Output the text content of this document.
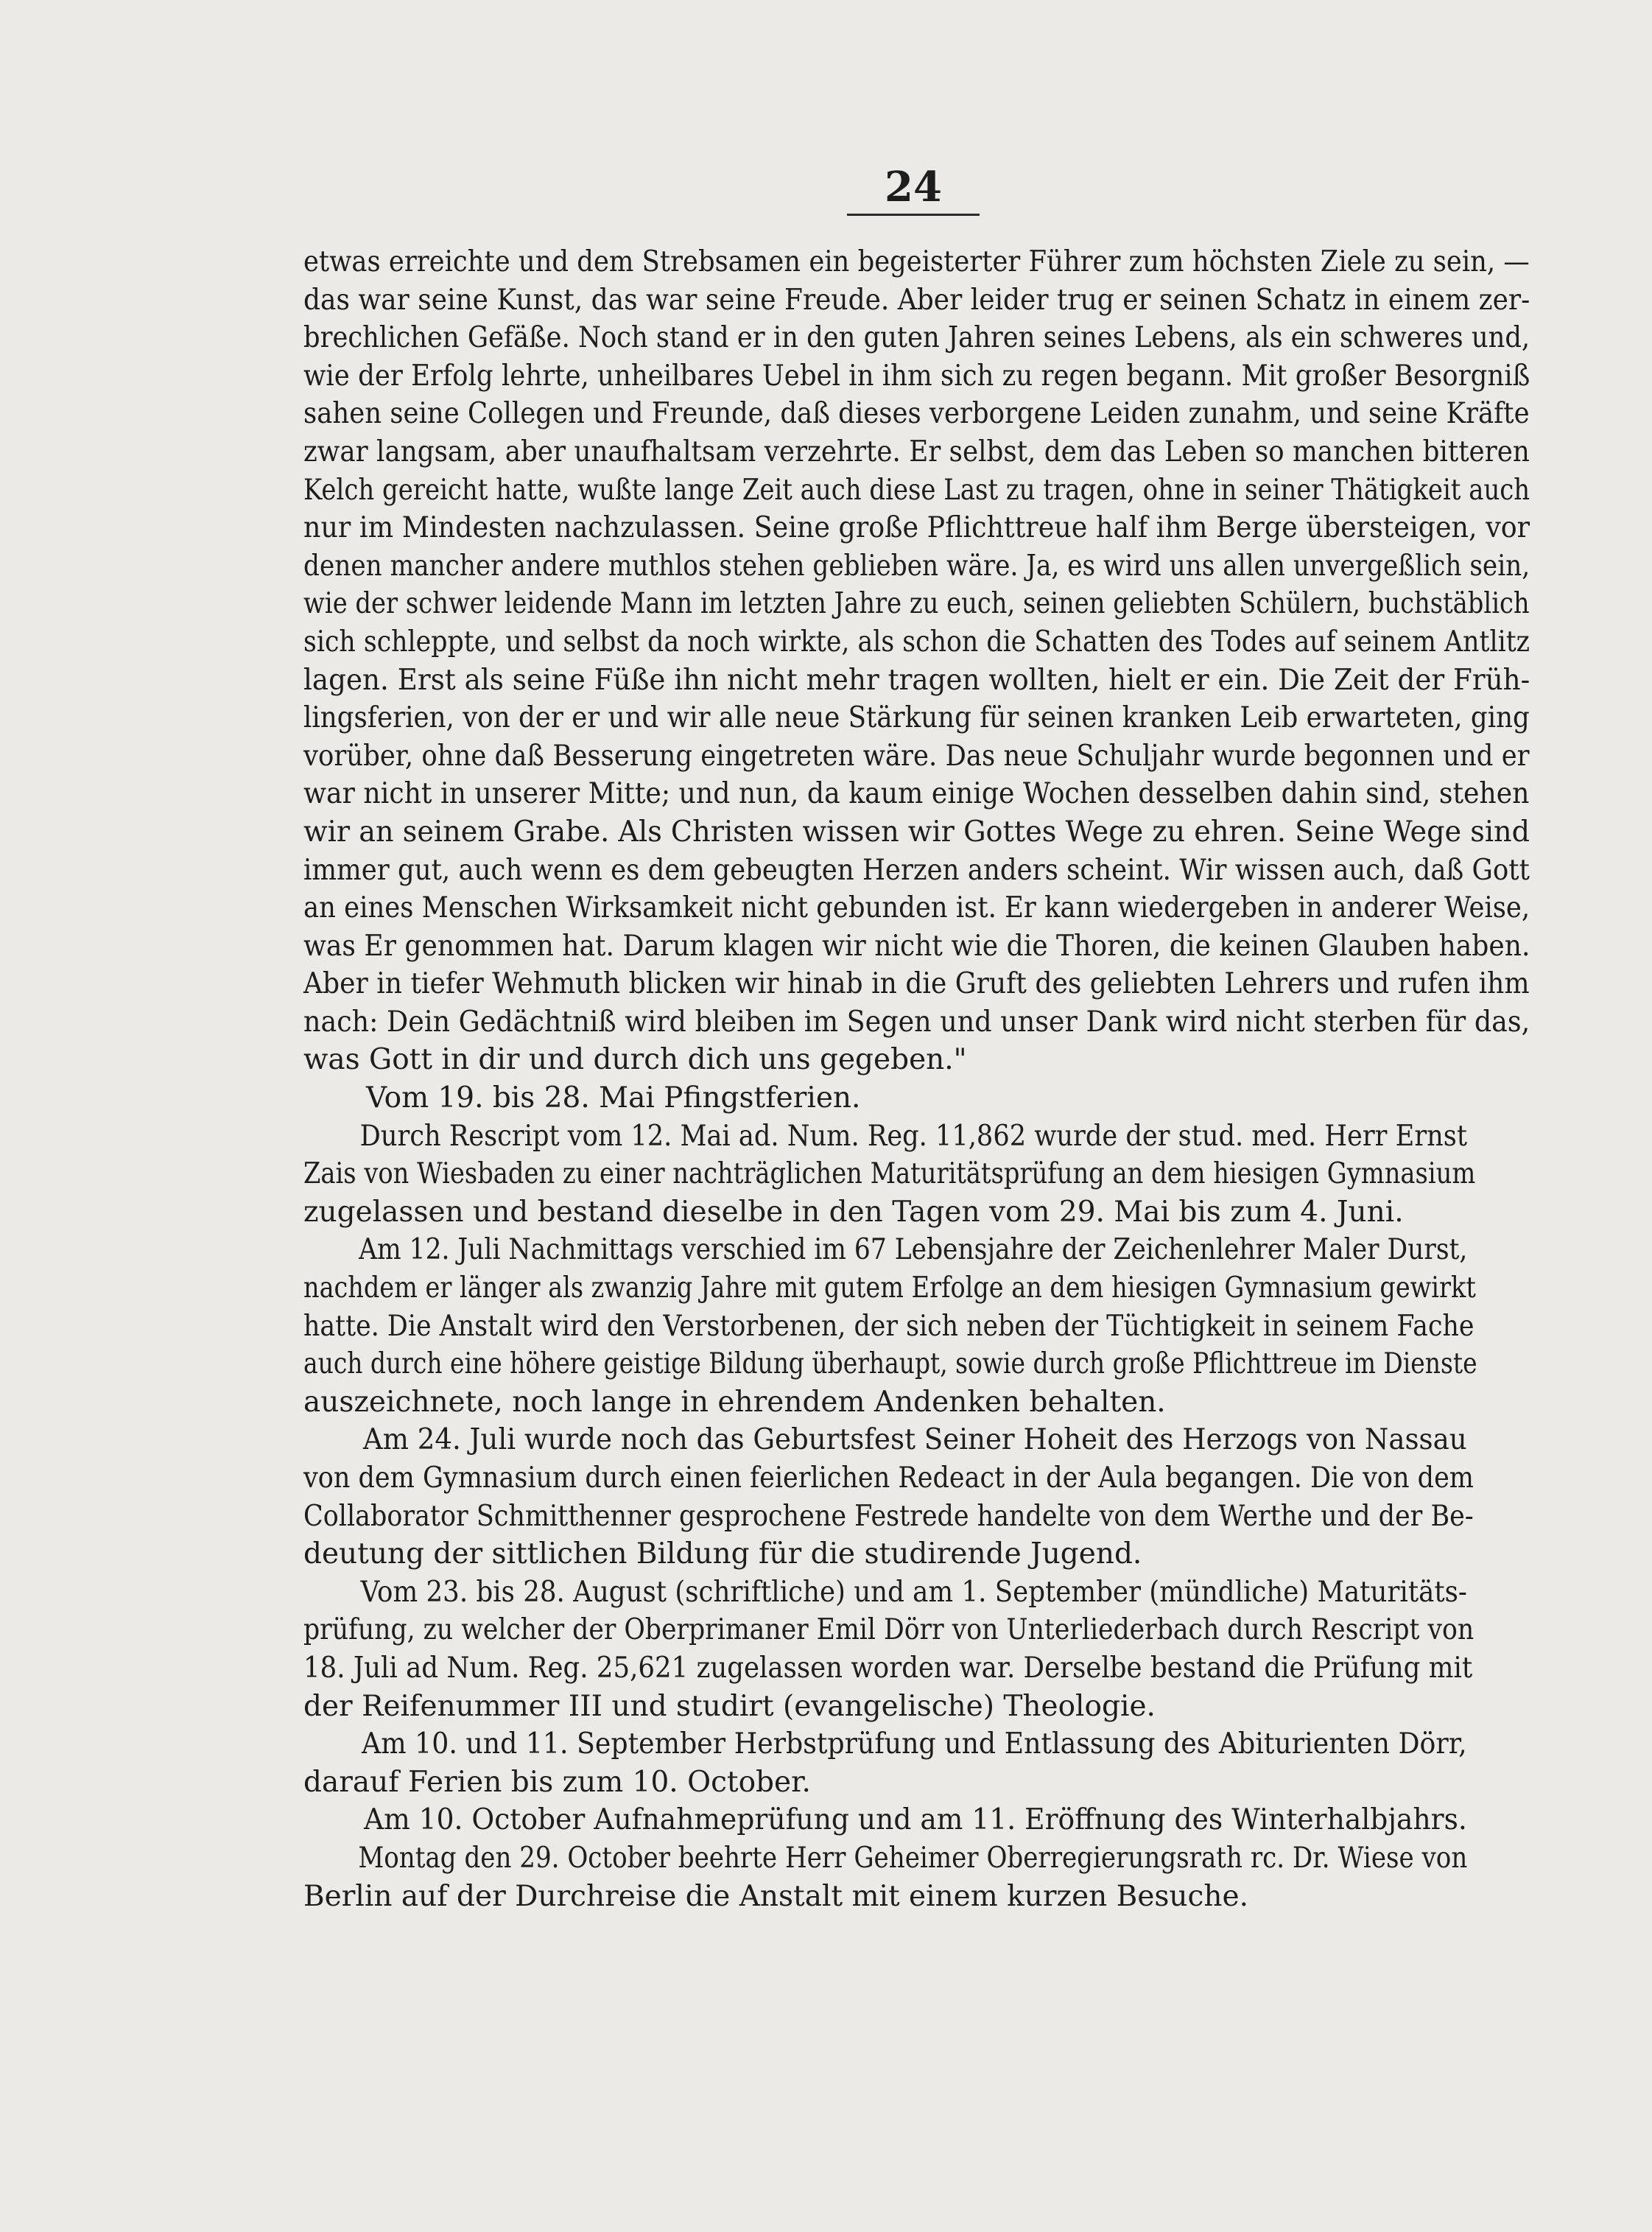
24
etwas erreichte und dem Strebsamen ein begeisterter Führer zum höchsten Ziele zu sein, —
das war seine Kunst, das war seine Freude. Aber leider trug er seinen Schatz in einem zer-
brechlichen Gefäße. Noch stand er in den guten Jahren seines Lebens, als ein schweres und,
wie der Erfolg lehrte, unheilbares Uebel in ihm sich zu regen begann. Mit großer Besorgniß
sahen seine Collegen und Freunde, daß dieses verborgene Leiden zunahm, und seine Kräfte
zwar langsam, aber unaufhaltsam verzehrte. Er selbst, dem das Leben so manchen bitteren
Kelch gereicht hatte, wußte lange Zeit auch diese Last zu tragen, ohne in seiner Thätigkeit auch
nur im Mindesten nachzulassen. Seine große Pflichttreue half ihm Berge übersteigen, vor
denen mancher andere muthlos stehen geblieben wäre. Ja, es wird uns allen unvergeßlich sein,
wie der schwer leidende Mann im letzten Jahre zu euch, seinen geliebten Schülern, buchstäblich
sich schleppte, und selbst da noch wirkte, als schon die Schatten des Todes auf seinem Antlitz
lagen. Erst als seine Füße ihn nicht mehr tragen wollten, hielt er ein. Die Zeit der Früh-
lingsferien, von der er und wir alle neue Stärkung für seinen kranken Leib erwarteten, ging
vorüber, ohne daß Besserung eingetreten wäre. Das neue Schuljahr wurde begonnen und er
war nicht in unserer Mitte; und nun, da kaum einige Wochen desselben dahin sind, stehen
wir an seinem Grabe. Als Christen wissen wir Gottes Wege zu ehren. Seine Wege sind
immer gut, auch wenn es dem gebeugten Herzen anders scheint. Wir wissen auch, daß Gott
an eines Menschen Wirksamkeit nicht gebunden ist. Er kann wiedergeben in anderer Weise,
was Er genommen hat. Darum klagen wir nicht wie die Thoren, die keinen Glauben haben.
Aber in tiefer Wehmuth blicken wir hinab in die Gruft des geliebten Lehrers und rufen ihm
nach: Dein Gedächtniß wird bleiben im Segen und unser Dank wird nicht sterben für das,
was Gott in dir und durch dich uns gegeben."
Vom 19. bis 28. Mai Pfingstferien.
Durch Rescript vom 12. Mai ad. Num. Reg. 11,862 wurde der stud. med. Herr Ernst
Zais von Wiesbaden zu einer nachträglichen Maturitätsprüfung an dem hiesigen Gymnasium
zugelassen und bestand dieselbe in den Tagen vom 29. Mai bis zum 4. Juni.
Am 12. Juli Nachmittags verschied im 67 Lebensjahre der Zeichenlehrer Maler Durst,
nachdem er länger als zwanzig Jahre mit gutem Erfolge an dem hiesigen Gymnasium gewirkt
hatte. Die Anstalt wird den Verstorbenen, der sich neben der Tüchtigkeit in seinem Fache
auch durch eine höhere geistige Bildung überhaupt, sowie durch große Pflichttreue im Dienste
auszeichnete, noch lange in ehrendem Andenken behalten.
Am 24. Juli wurde noch das Geburtsfest Seiner Hoheit des Herzogs von Nassau
von dem Gymnasium durch einen feierlichen Redeact in der Aula begangen. Die von dem
Collaborator Schmitthenner gesprochene Festrede handelte von dem Werthe und der Be-
deutung der sittlichen Bildung für die studirende Jugend.
Vom 23. bis 28. August (schriftliche) und am 1. September (mündliche) Maturitäts-
prüfung, zu welcher der Oberprimaner Emil Dörr von Unterliederbach durch Rescript von
18. Juli ad Num. Reg. 25,621 zugelassen worden war. Derselbe bestand die Prüfung mit
der Reifenummer III und studirt (evangelische) Theologie.
Am 10. und 11. September Herbstprüfung und Entlassung des Abiturienten Dörr,
darauf Ferien bis zum 10. October.
Am 10. October Aufnahmeprüfung und am 11. Eröffnung des Winterhalbjahrs.
Montag den 29. October beehrte Herr Geheimer Oberregierungsrath rc. Dr. Wiese von
Berlin auf der Durchreise die Anstalt mit einem kurzen Besuche.
